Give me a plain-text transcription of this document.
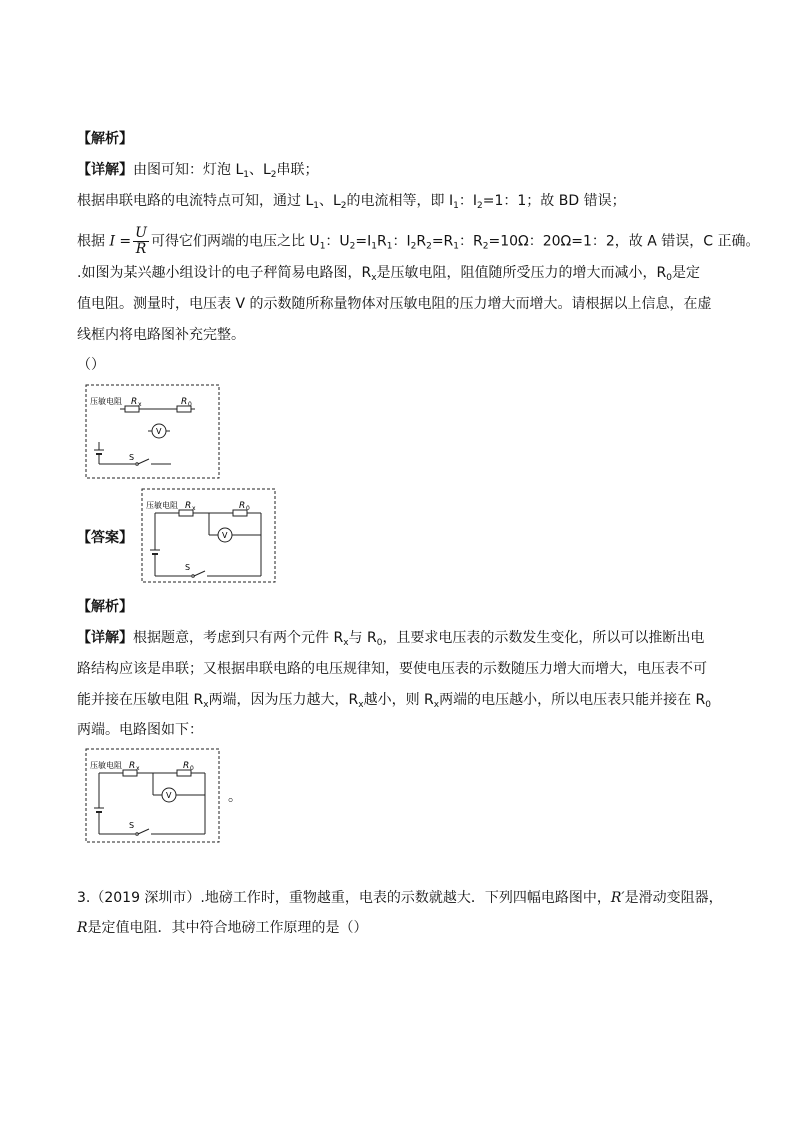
【解析】
【详解】由图可知：灯泡 $L_1$、$L_2$串联；
根据串联电路的电流特点可知，通过 $L_1$、$L_2$的电流相等，即 $I_1$：$I_2=1$：1；故 BD 错误；
根据 $I = \frac{U}{R}$ 可得它们两端的电压之比 $U_1$：$U_2=I_1R_1$：$I_2R_2=R_1$：$R_2=10\Omega$：20Ω=1：2，故 A 错误，C 正确。
.如图为某兴趣小组设计的电子秤简易电路图，$R_x$是压敏电阻，阻值随所受压力的增大而减小，$R_0$是定
值电阻。测量时，电压表 V 的示数随所称量物体对压敏电阻的压力增大而增大。请根据以上信息，在虚
线框内将电路图补充完整。
（）
压敏电阻 R x	R 0
V
S
【答案】
压敏电阻 R x	R 0
V
S
【解析】
【详解】根据题意，考虑到只有两个元件 $R_x$与 $R_0$，且要求电压表的示数发生变化，所以可以推断出电
路结构应该是串联；又根据串联电路的电压规律知，要使电压表的示数随压力增大而增大，电压表不可
能并接在压敏电阻 $R_x$两端，因为压力越大，$R_x$越小，则 $R_x$两端的电压越小，所以电压表只能并接在 $R_0$
两端。电路图如下：
压敏电阻 R x	R 0
V
S
。
3.（2019 深圳市）.地磅工作时，重物越重，电表的示数就越大．下列四幅电路图中，R′是滑动变阻器，
R是定值电阻．其中符合地磅工作原理的是（）
